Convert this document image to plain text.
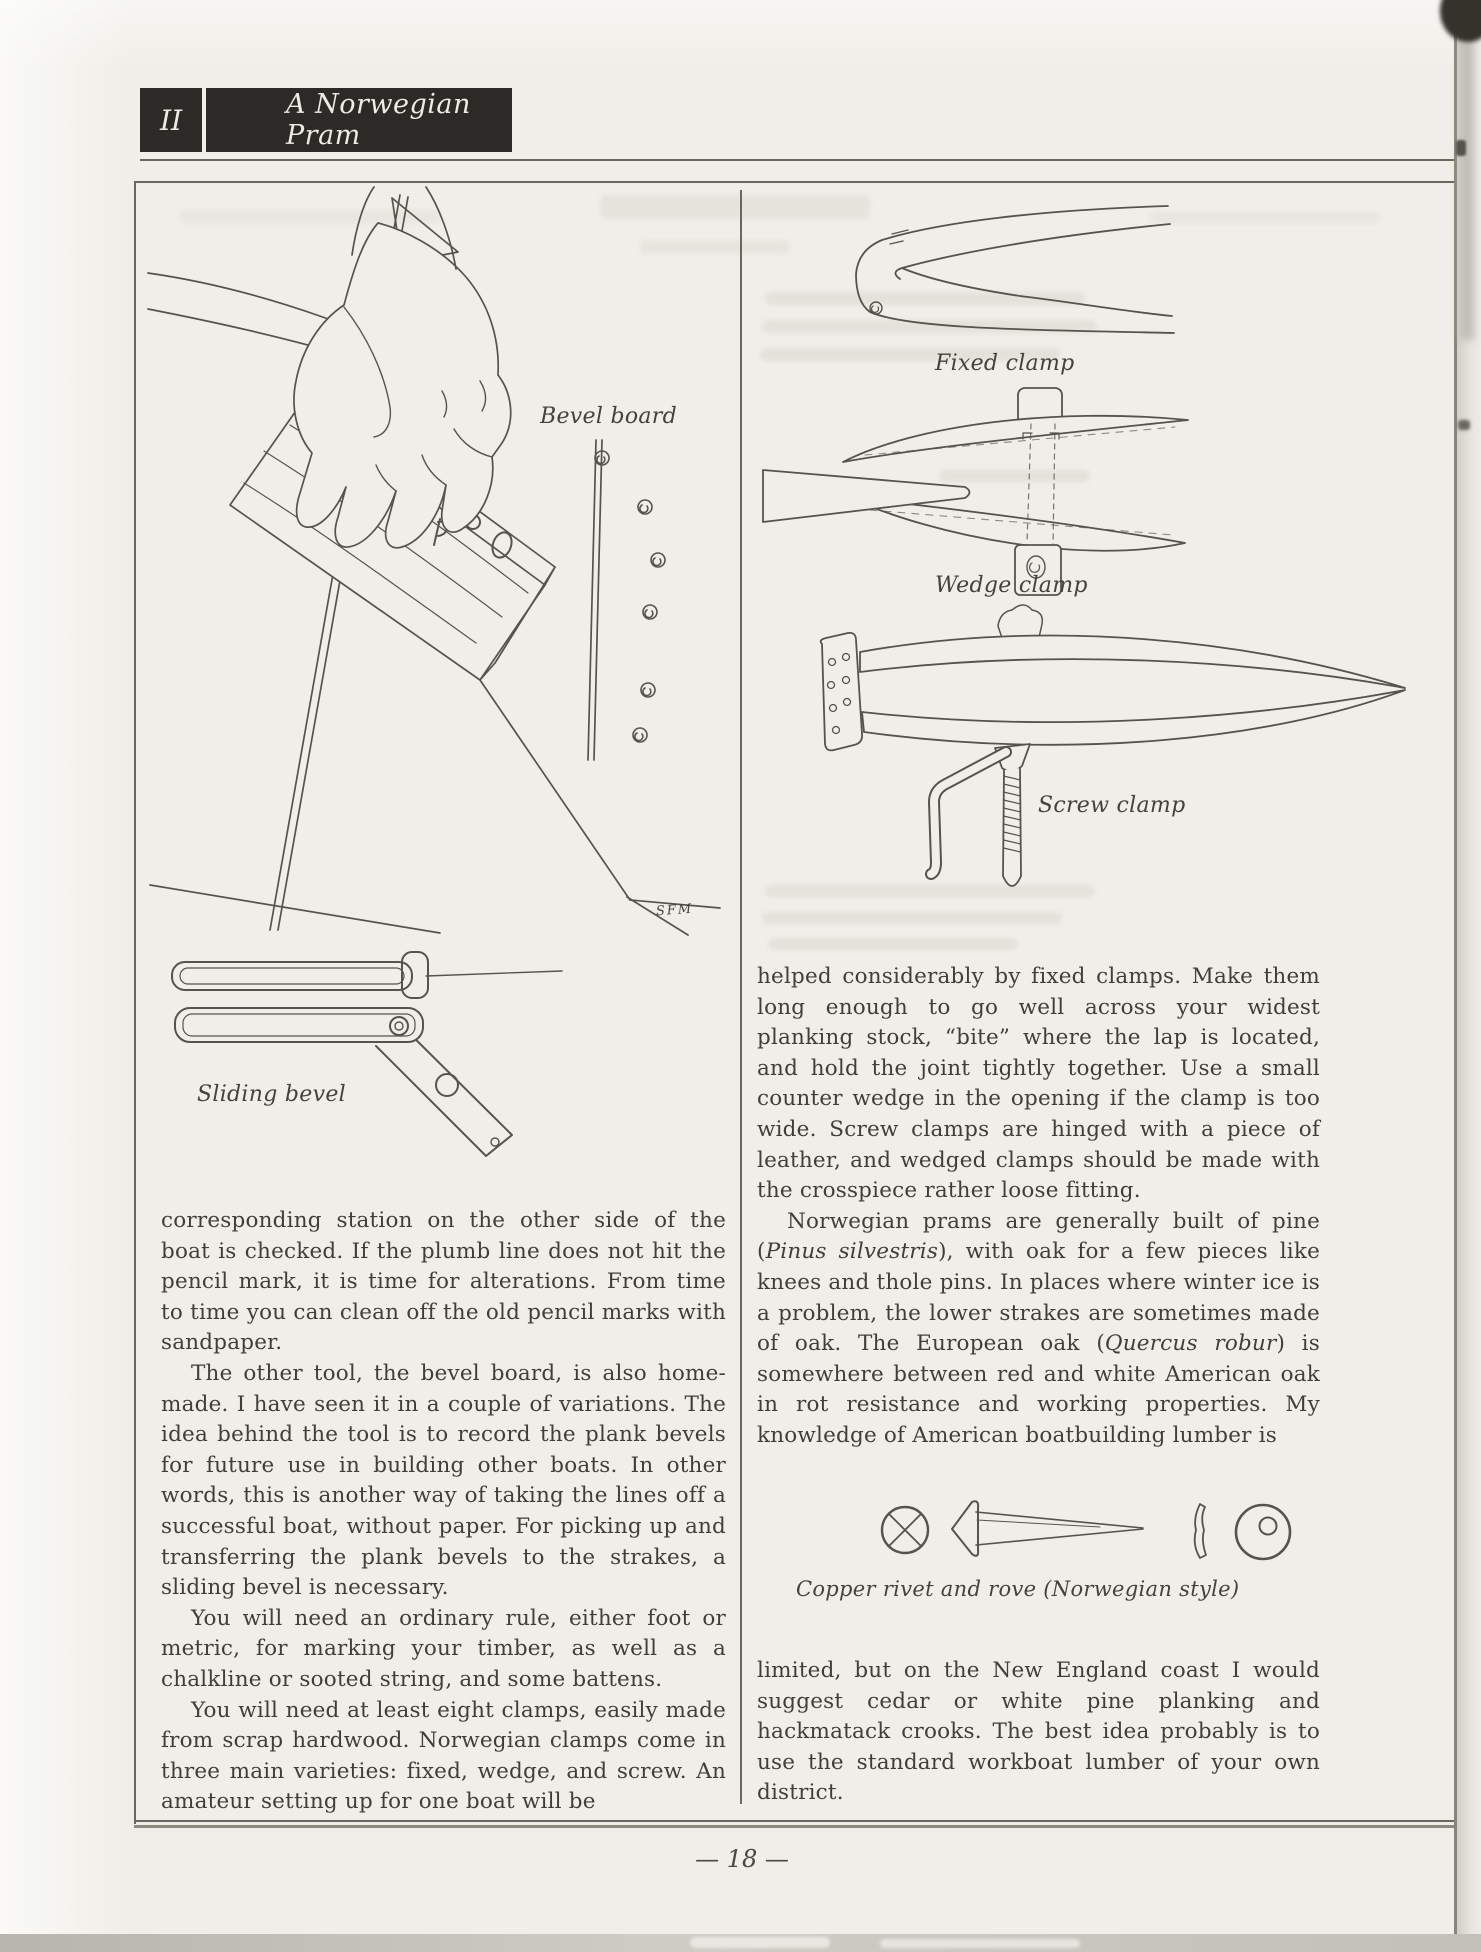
II	A Norwegian Pram
Bevel board
SFM
Sliding bevel
Fixed clamp
Wedge clamp
Screw clamp
Copper rivet and rove (Norwegian style)

corresponding station on the other side of the boat is checked. If the plumb line does not hit the pencil mark, it is time for alterations. From time to time you can clean off the old pencil marks with sandpaper.

The other tool, the bevel board, is also home-made. I have seen it in a couple of variations. The idea behind the tool is to record the plank bevels for future use in building other boats. In other words, this is another way of taking the lines off a successful boat, without paper. For picking up and transferring the plank bevels to the strakes, a sliding bevel is necessary.

You will need an ordinary rule, either foot or metric, for marking your timber, as well as a chalkline or sooted string, and some battens.

You will need at least eight clamps, easily made from scrap hardwood. Norwegian clamps come in three main varieties: fixed, wedge, and screw. An amateur setting up for one boat will be

helped considerably by fixed clamps. Make them long enough to go well across your widest planking stock, “bite” where the lap is located, and hold the joint tightly together. Use a small counter wedge in the opening if the clamp is too wide. Screw clamps are hinged with a piece of leather, and wedged clamps should be made with the crosspiece rather loose fitting.

Norwegian prams are generally built of pine (Pinus silvestris), with oak for a few pieces like knees and thole pins. In places where winter ice is a problem, the lower strakes are sometimes made of oak. The European oak (Quercus robur) is somewhere between red and white American oak in rot resistance and working properties. My knowledge of American boatbuilding lumber is

limited, but on the New England coast I would suggest cedar or white pine planking and hackmatack crooks. The best idea probably is to use the standard workboat lumber of your own district.

— 18 —
